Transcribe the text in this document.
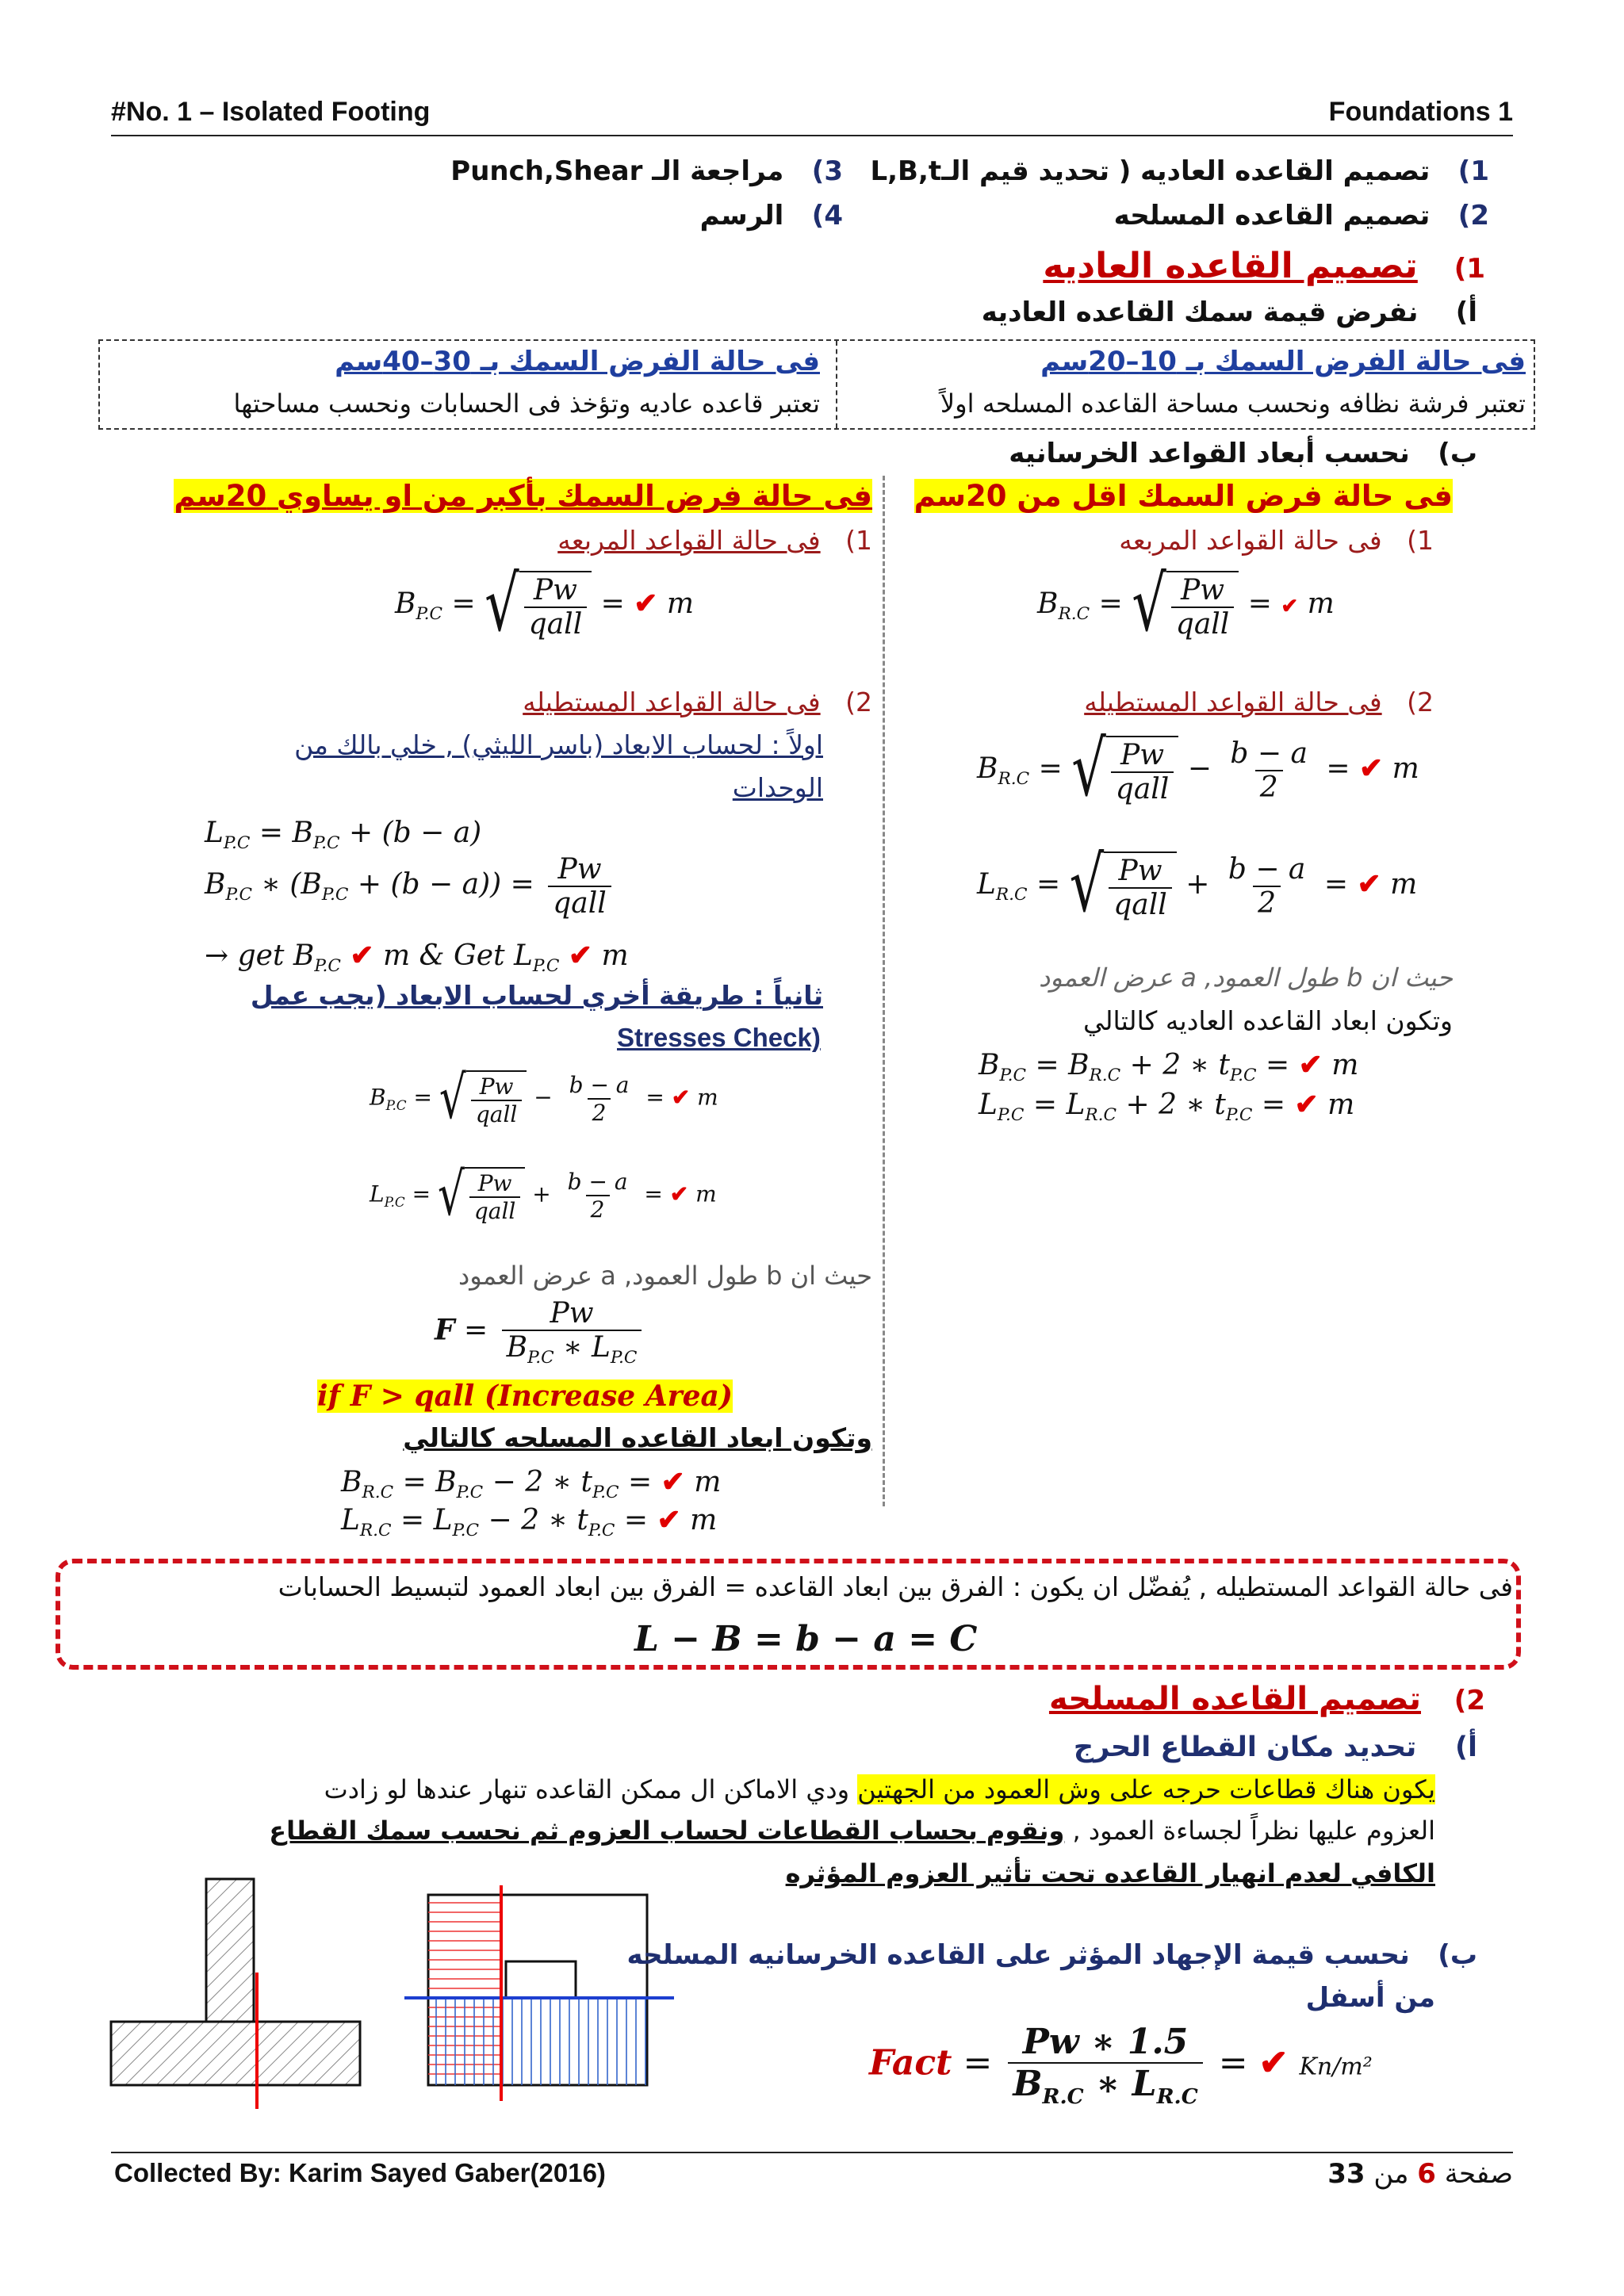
#No. 1 – Isolated Footing	Foundations 1
1)   تصميم القاعده العاديه ( تحديد قيم الـL,B,t
2)   تصميم القاعده المسلحه
3)   مراجعة الـ Punch,Shear
4)   الرسم
1)   تصميم القاعده العاديه
أ)    نفرض قيمة سمك القاعده العاديه
فى حالة الفرض السمك بـ 10–20سم
تعتبر فرشة نظافه ونحسب مساحة القاعده المسلحه اولاً
فى حالة الفرض السمك بـ 30–40سم
تعتبر قاعده عاديه وتؤخذ فى الحسابات ونحسب مساحتها
ب)   نحسب أبعاد القواعد الخرسانيه
فى حالة فرض السمك اقل من 20سم
1)   فى حالة القواعد المربعه
$B_{R.C}$ = √ $\frac{Pw}{\text{qall}}$ = ✔ m
2)   فى حالة القواعد المستطيله
$B_{R.C}$ = √ $\frac{Pw}{\text{qall}} - \frac{b - a}{2}$ = ✔ m
$L_{R.C}$ = √ $\frac{Pw}{\text{qall}} + \frac{b - a}{2}$ = ✔ m
حيث ان b طول العمود, a عرض العمود
وتكون ابعاد القاعده العاديه كالتالي
$B_{P.C} = B_{R.C} + 2$ ∗ $t_{P.C}$ = ✔ m
$L_{P.C} = L_{R.C} + 2$ ∗ $t_{P.C}$ = ✔ m
فى حالة فرض السمك بأكبر من او يساوي 20سم
1)   فى حالة القواعد المربعه
$B_{P.C}$ = √ $\frac{Pw}{\text{qall}}$ = ✔ m
2)   فى حالة القواعد المستطيله
اولاً : لحساب الابعاد (باسر الليثي) , خلي بالك من
الوحدات
$L_{P.C} = B_{P.C} + (b - a)$
$B_{P.C}$ ∗ $(B_{P.C} + (b - a)) = \frac{Pw}{\text{qall}}$
→ get $B_{P.C}$ ✔ m & Get $L_{P.C}$ ✔ m
ثانياً : طريقة أخري لحساب الابعاد (يجب عمل
Stresses Check)
$B_{P.C}$ = √ $\frac{Pw}{\text{qall}} - \frac{b - a}{2}$ = ✔ m
$L_{P.C}$ = √ $\frac{Pw}{\text{qall}} + \frac{b - a}{2}$ = ✔ m
حيث ان b طول العمود, a عرض العمود
$F = \frac{Pw}{B_{P.C} ∗ L_{P.C}}$
if F > qall (Increase Area)
وتكون ابعاد القاعده المسلحه كالتالي
$B_{R.C} = B_{P.C} - 2$ ∗ $t_{P.C}$ = ✔ m
$L_{R.C} = L_{P.C} - 2$ ∗ $t_{P.C}$ = ✔ m
فى حالة القواعد المستطيله , يُفضّل ان يكون : الفرق بين ابعاد القاعده = الفرق بين ابعاد العمود لتبسيط الحسابات
L − B = b − a = C
2)   تصميم القاعده المسلحه
أ)    تحديد مكان القطاع الحرج
يكون هناك قطاعات حرجه على وش العمود من الجهتين ودي الاماكن ال ممكن القاعده تنهار عندها لو زادت
العزوم عليها نظراً لجساءة العمود , ونقوم بحساب القطاعات لحساب العزوم ثم نحسب سمك القطاع
الكافي لعدم انهيار القاعده تحت تأثير العزوم المؤثره
ب)   نحسب قيمة الإجهاد المؤثر على القاعده الخرسانيه المسلحه
من أسفل
Fact = $\frac{Pw ∗ 1.5}{B_{R.C} ∗ L_{R.C}}$ = ✔ Kn/m²
Collected By: Karim Sayed Gaber(2016)	صفحة 6 من 33
